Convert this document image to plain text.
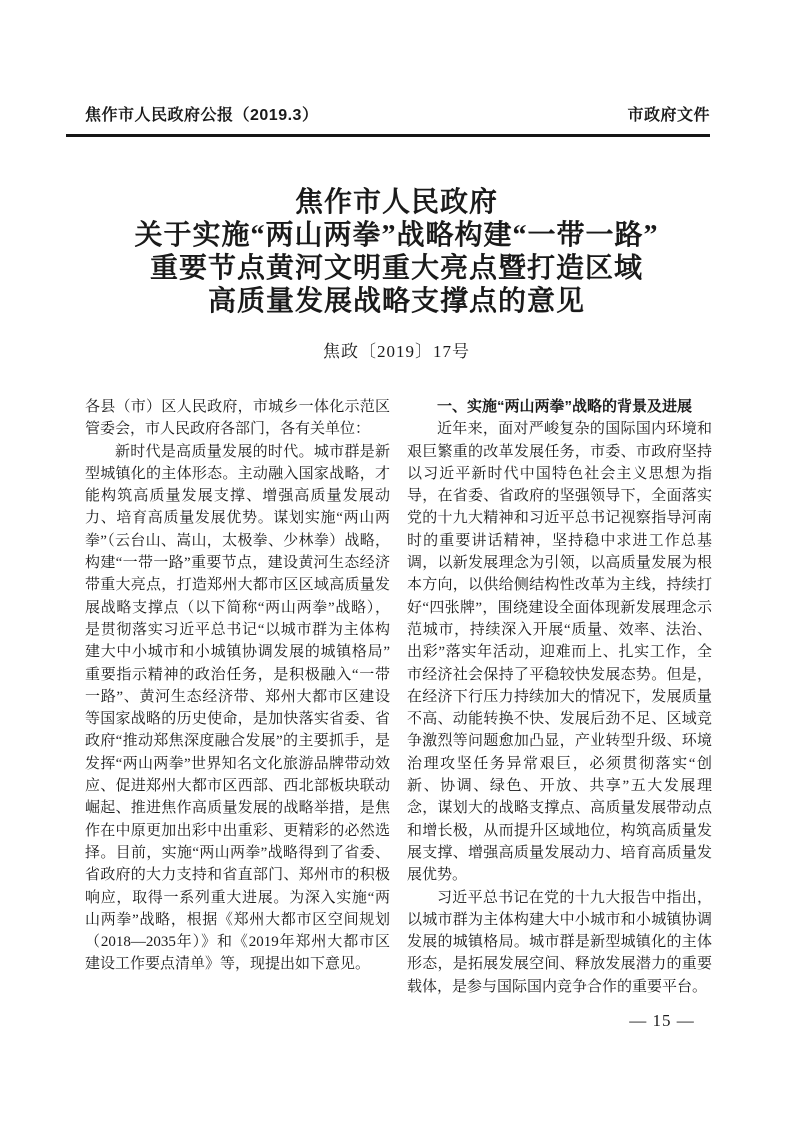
焦作市人民政府公报（2019.3）	市政府文件
焦作市人民政府
关于实施“两山两拳”战略构建“一带一路”
重要节点黄河文明重大亮点暨打造区域
高质量发展战略支撑点的意见
焦政〔2019〕17号

各县（市）区人民政府，市城乡一体化示范区管委会，市人民政府各部门，各有关单位：

新时代是高质量发展的时代。城市群是新型城镇化的主体形态。主动融入国家战略，才能构筑高质量发展支撑、增强高质量发展动力、培育高质量发展优势。谋划实施“两山两拳”（云台山、嵩山，太极拳、少林拳）战略，构建“一带一路”重要节点，建设黄河生态经济带重大亮点，打造郑州大都市区区域高质量发展战略支撑点（以下简称“两山两拳”战略），是贯彻落实习近平总书记“以城市群为主体构建大中小城市和小城镇协调发展的城镇格局”重要指示精神的政治任务，是积极融入“一带一路”、黄河生态经济带、郑州大都市区建设等国家战略的历史使命，是加快落实省委、省政府“推动郑焦深度融合发展”的主要抓手，是发挥“两山两拳”世界知名文化旅游品牌带动效应、促进郑州大都市区西部、西北部板块联动崛起、推进焦作高质量发展的战略举措，是焦作在中原更加出彩中出重彩、更精彩的必然选择。目前，实施“两山两拳”战略得到了省委、省政府的大力支持和省直部门、郑州市的积极响应，取得一系列重大进展。为深入实施“两山两拳”战略，根据《郑州大都市区空间规划（2018—2035年）》和《2019年郑州大都市区建设工作要点清单》等，现提出如下意见。

一、实施“两山两拳”战略的背景及进展

近年来，面对严峻复杂的国际国内环境和艰巨繁重的改革发展任务，市委、市政府坚持以习近平新时代中国特色社会主义思想为指导，在省委、省政府的坚强领导下，全面落实党的十九大精神和习近平总书记视察指导河南时的重要讲话精神，坚持稳中求进工作总基调，以新发展理念为引领，以高质量发展为根本方向，以供给侧结构性改革为主线，持续打好“四张牌”，围绕建设全面体现新发展理念示范城市，持续深入开展“质量、效率、法治、出彩”落实年活动，迎难而上、扎实工作，全市经济社会保持了平稳较快发展态势。但是，在经济下行压力持续加大的情况下，发展质量不高、动能转换不快、发展后劲不足、区域竞争激烈等问题愈加凸显，产业转型升级、环境治理攻坚任务异常艰巨，必须贯彻落实“创新、协调、绿色、开放、共享”五大发展理念，谋划大的战略支撑点、高质量发展带动点和增长极，从而提升区域地位，构筑高质量发展支撑、增强高质量发展动力、培育高质量发展优势。

习近平总书记在党的十九大报告中指出，以城市群为主体构建大中小城市和小城镇协调发展的城镇格局。城市群是新型城镇化的主体形态，是拓展发展空间、释放发展潜力的重要载体，是参与国际国内竞争合作的重要平台。

— 15 —
